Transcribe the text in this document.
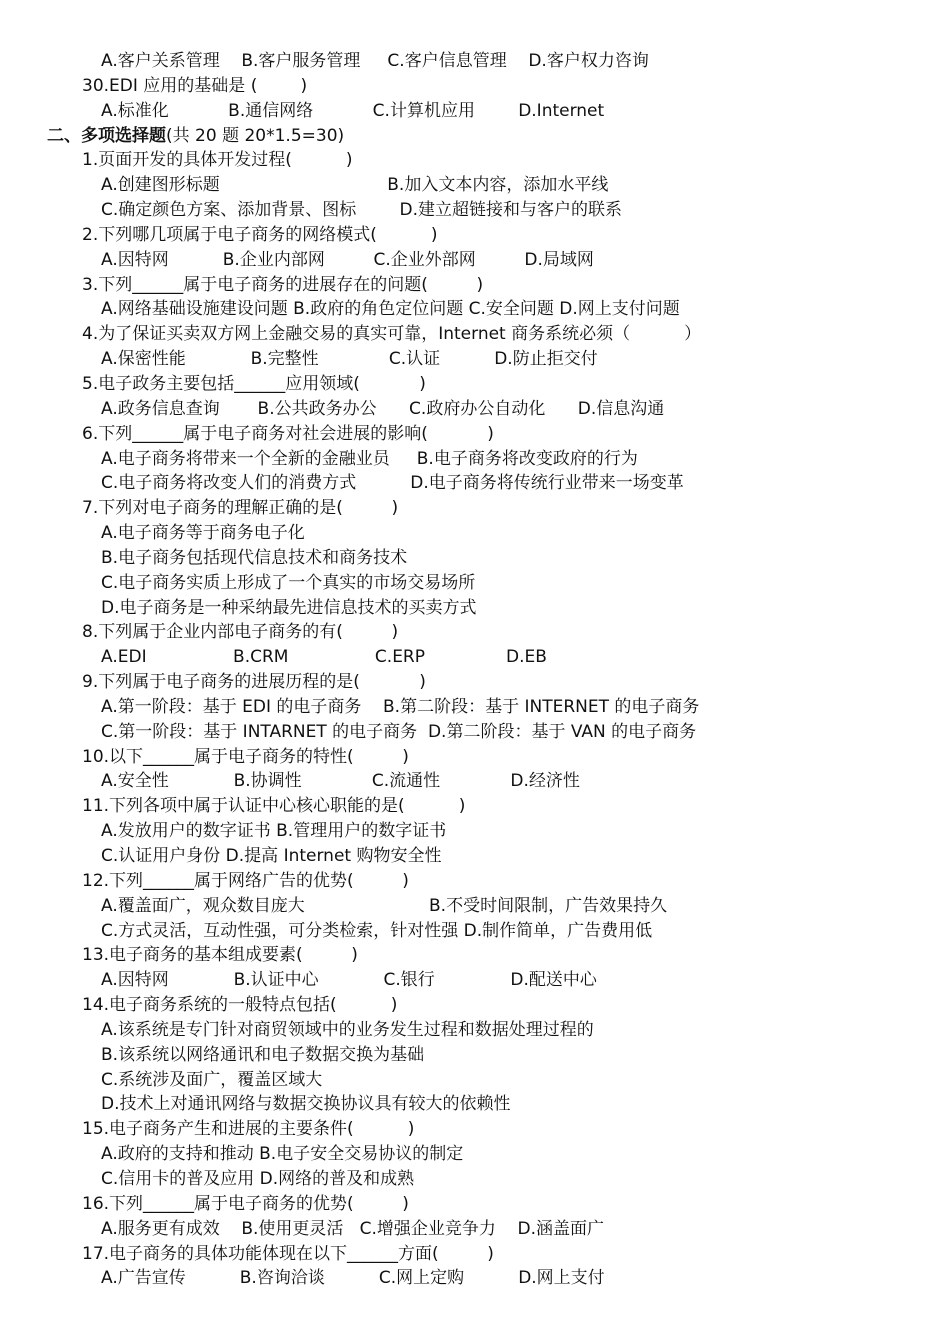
A.客户关系管理    B.客户服务管理     C.客户信息管理    D.客户权力咨询
30.EDI 应用的基础是 (        )
A.标准化           B.通信网络           C.计算机应用        D.Internet
二、多项选择题(共 20 题 20*1.5=30)
1.页面开发的具体开发过程(          )
A.创建图形标题                               B.加入文本内容，添加水平线
C.确定颜色方案、添加背景、图标        D.建立超链接和与客户的联系
2.下列哪几项属于电子商务的网络模式(          )
A.因特网          B.企业内部网         C.企业外部网         D.局域网
3.下列______属于电子商务的进展存在的问题(         )
A.网络基础设施建设问题 B.政府的角色定位问题 C.安全问题 D.网上支付问题
4.为了保证买卖双方网上金融交易的真实可靠，Internet 商务系统必须（          ）
A.保密性能            B.完整性             C.认证          D.防止拒交付
5.电子政务主要包括______应用领域(           )
A.政务信息查询       B.公共政务办公      C.政府办公自动化      D.信息沟通
6.下列______属于电子商务对社会进展的影响(           )
A.电子商务将带来一个全新的金融业员     B.电子商务将改变政府的行为
C.电子商务将改变人们的消费方式          D.电子商务将传统行业带来一场变革
7.下列对电子商务的理解正确的是(         )
A.电子商务等于商务电子化
B.电子商务包括现代信息技术和商务技术
C.电子商务实质上形成了一个真实的市场交易场所
D.电子商务是一种采纳最先进信息技术的买卖方式
8.下列属于企业内部电子商务的有(         )
A.EDI                B.CRM                C.ERP               D.EB
9.下列属于电子商务的进展历程的是(           )
A.第一阶段：基于 EDI 的电子商务    B.第二阶段：基于 INTERNET 的电子商务
C.第一阶段：基于 INTARNET 的电子商务  D.第二阶段：基于 VAN 的电子商务
10.以下______属于电子商务的特性(         )
A.安全性            B.协调性             C.流通性             D.经济性
11.下列各项中属于认证中心核心职能的是(          )
A.发放用户的数字证书 B.管理用户的数字证书
C.认证用户身份 D.提高 Internet 购物安全性
12.下列______属于网络广告的优势(         )
A.覆盖面广，观众数目庞大                       B.不受时间限制，广告效果持久
C.方式灵活，互动性强，可分类检索，针对性强 D.制作简单，广告费用低
13.电子商务的基本组成要素(         )
A.因特网            B.认证中心            C.银行              D.配送中心
14.电子商务系统的一般特点包括(          )
A.该系统是专门针对商贸领域中的业务发生过程和数据处理过程的
B.该系统以网络通讯和电子数据交换为基础
C.系统涉及面广，覆盖区域大
D.技术上对通讯网络与数据交换协议具有较大的依赖性
15.电子商务产生和进展的主要条件(          )
A.政府的支持和推动 B.电子安全交易协议的制定
C.信用卡的普及应用 D.网络的普及和成熟
16.下列______属于电子商务的优势(         )
A.服务更有成效    B.使用更灵活   C.增强企业竞争力    D.涵盖面广
17.电子商务的具体功能体现在以下______方面(         )
A.广告宣传          B.咨询洽谈          C.网上定购          D.网上支付
